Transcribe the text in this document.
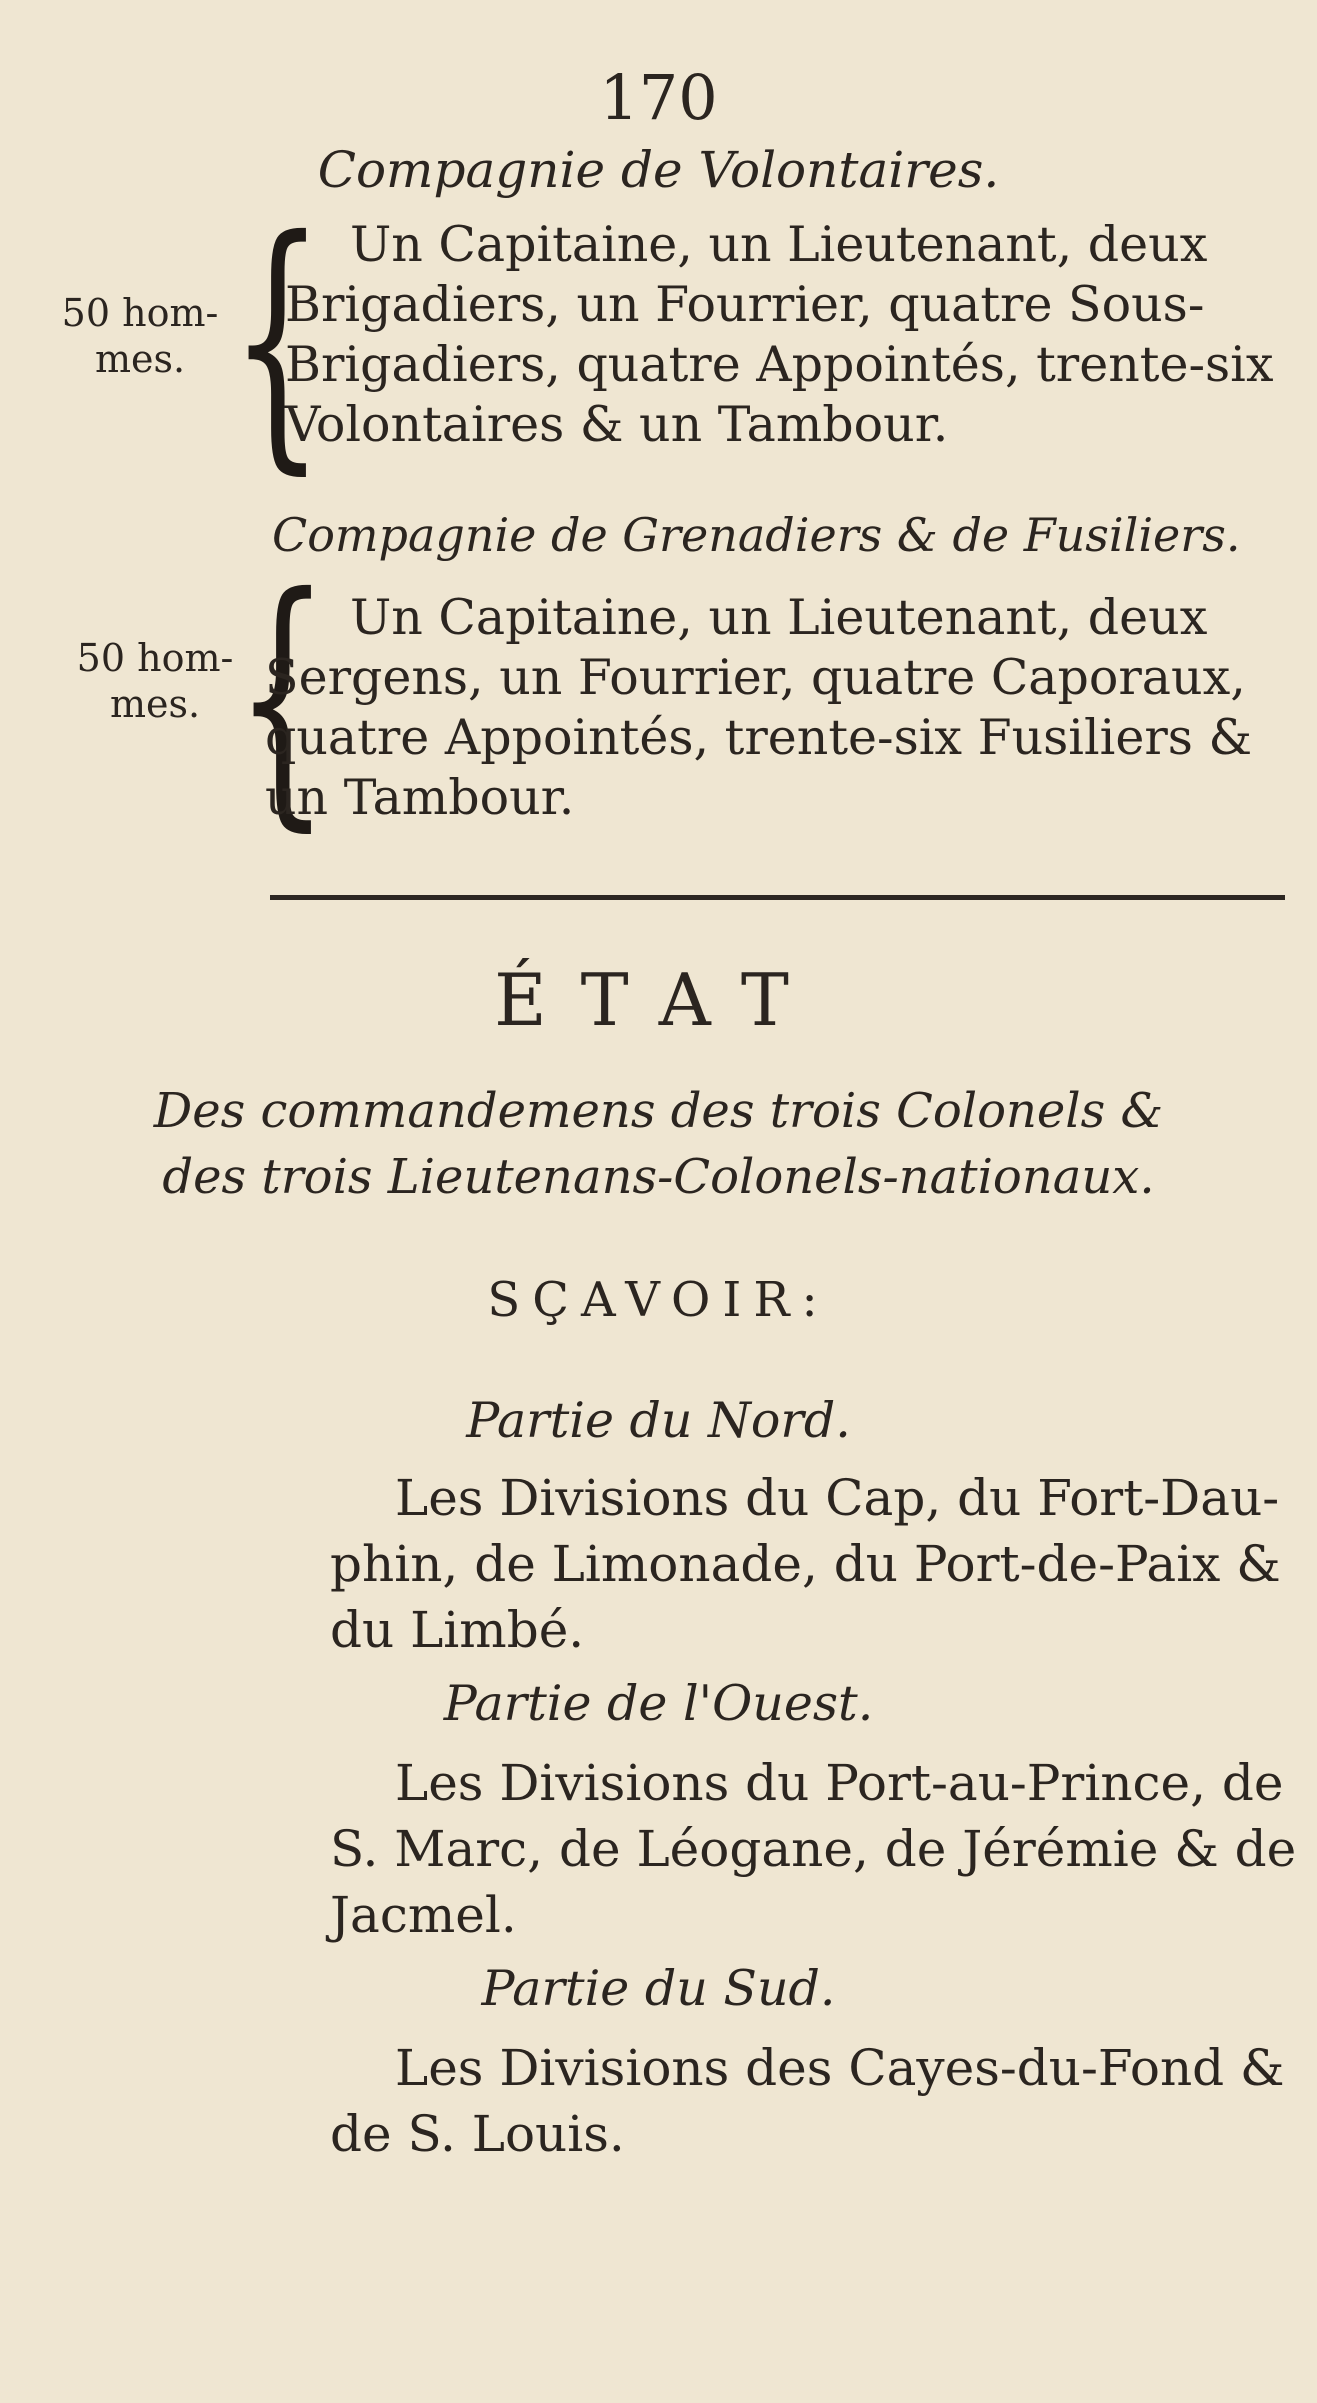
170
Compagnie de Volontaires.
50 hom-
mes. { Un Capitaine, un Lieutenant, deux
Brigadiers, un Fourrier, quatre Sous-
Brigadiers, quatre Appointés, trente-six
Volontaires & un Tambour.
Compagnie de Grenadiers & de Fusiliers.
50 hom-
mes. { Un Capitaine, un Lieutenant, deux
Sergens, un Fourrier, quatre Caporaux,
quatre Appointés, trente-six Fusiliers &
un Tambour.
ÉTAT
Des commandemens des trois Colonels &
des trois Lieutenans-Colonels-nationaux.
SÇAVOIR:
Partie du Nord.
Les Divisions du Cap, du Fort-Dau-
phin, de Limonade, du Port-de-Paix &
du Limbé.
Partie de l'Ouest.
Les Divisions du Port-au-Prince, de
S. Marc, de Léogane, de Jérémie & de
Jacmel.
Partie du Sud.
Les Divisions des Cayes-du-Fond &
de S. Louis.
